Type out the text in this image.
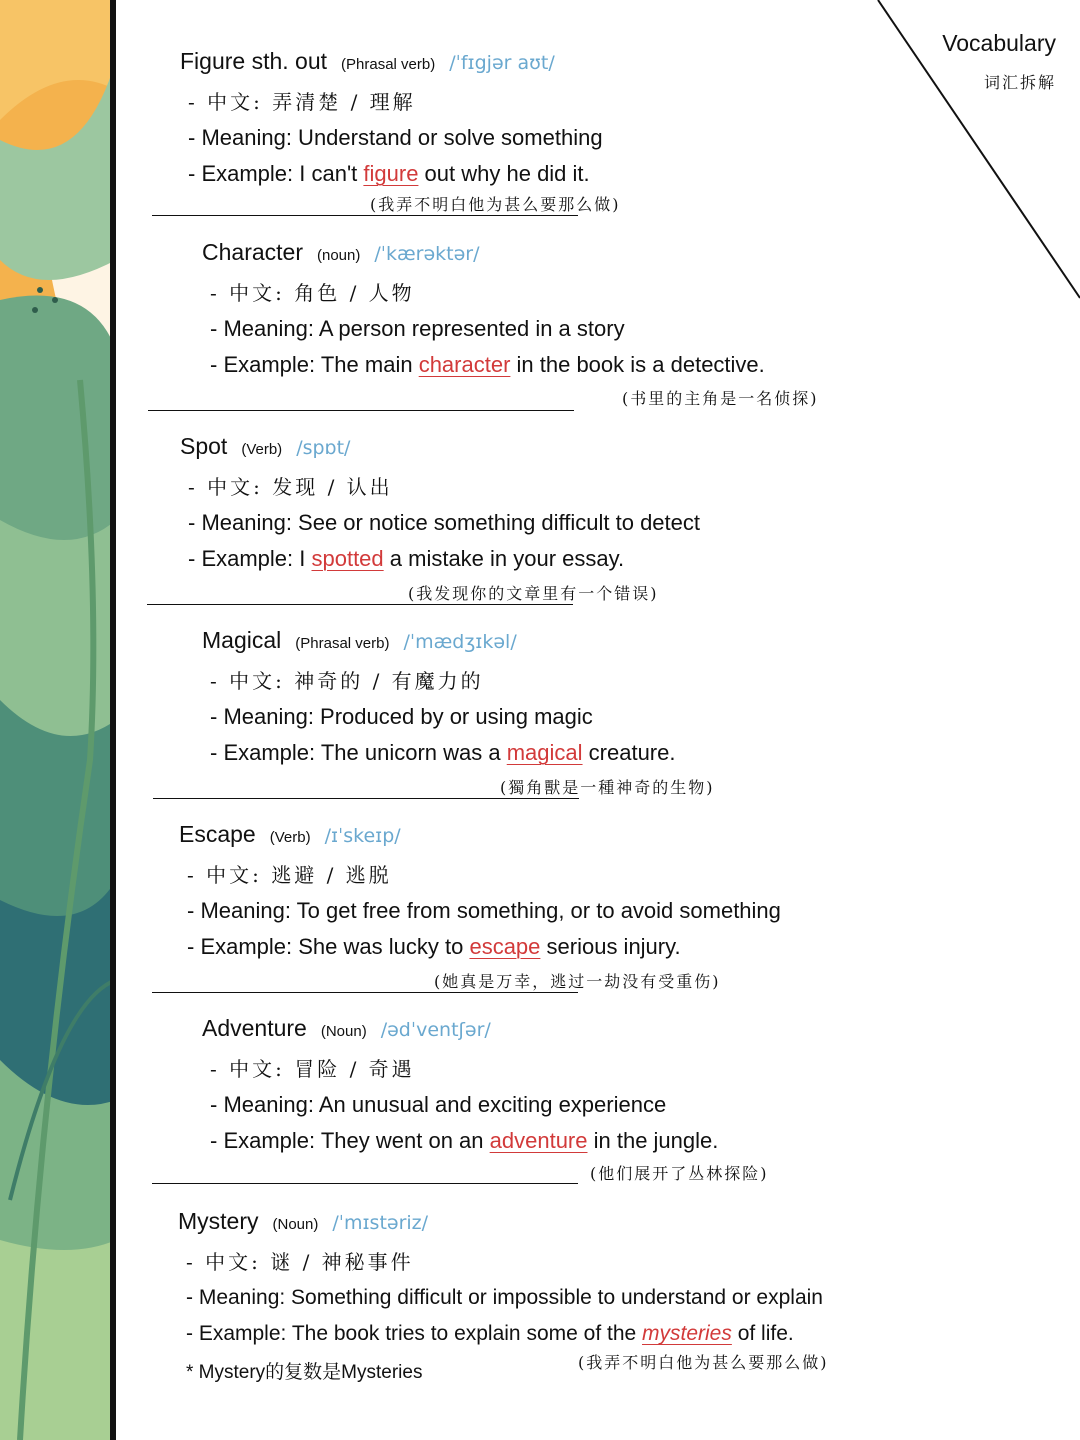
Vocabulary
词汇拆解
Figure sth. out (Phrasal verb) /ˈfɪgjər aʊt/
- 中文: 弄清楚 / 理解
- Meaning: Understand or solve something
- Example: I can't figure out why he did it.
(我弄不明白他为甚么要那么做)
Character (noun) /ˈkærəktər/
- 中文: 角色 / 人物
- Meaning: A person represented in a story
- Example: The main character in the book is a detective.
(书里的主角是一名侦探)
Spot (Verb) /spɒt/
- 中文: 发现 / 认出
- Meaning: See or notice something difficult to detect
- Example: I spotted a mistake in your essay.
(我发现你的文章里有一个错误)
Magical (Phrasal verb) /ˈmædʒɪkəl/
- 中文: 神奇的 / 有魔力的
- Meaning: Produced by or using magic
- Example: The unicorn was a magical creature.
(獨角獸是一種神奇的生物)
Escape (Verb) /ɪˈskeɪp/
- 中文: 逃避 / 逃脱
- Meaning: To get free from something, or to avoid something
- Example: She was lucky to escape serious injury.
(她真是万幸，逃过一劫没有受重伤)
Adventure (Noun) /ədˈventʃər/
- 中文: 冒险 / 奇遇
- Meaning: An unusual and exciting experience
- Example: They went on an adventure in the jungle.
(他们展开了丛林探险)
Mystery (Noun) /ˈmɪstəriz/
- 中文: 谜 / 神秘事件
- Meaning: Something difficult or impossible to understand or explain
- Example: The book tries to explain some of the mysteries of life.
* Mystery的复数是Mysteries	(我弄不明白他为甚么要那么做)
